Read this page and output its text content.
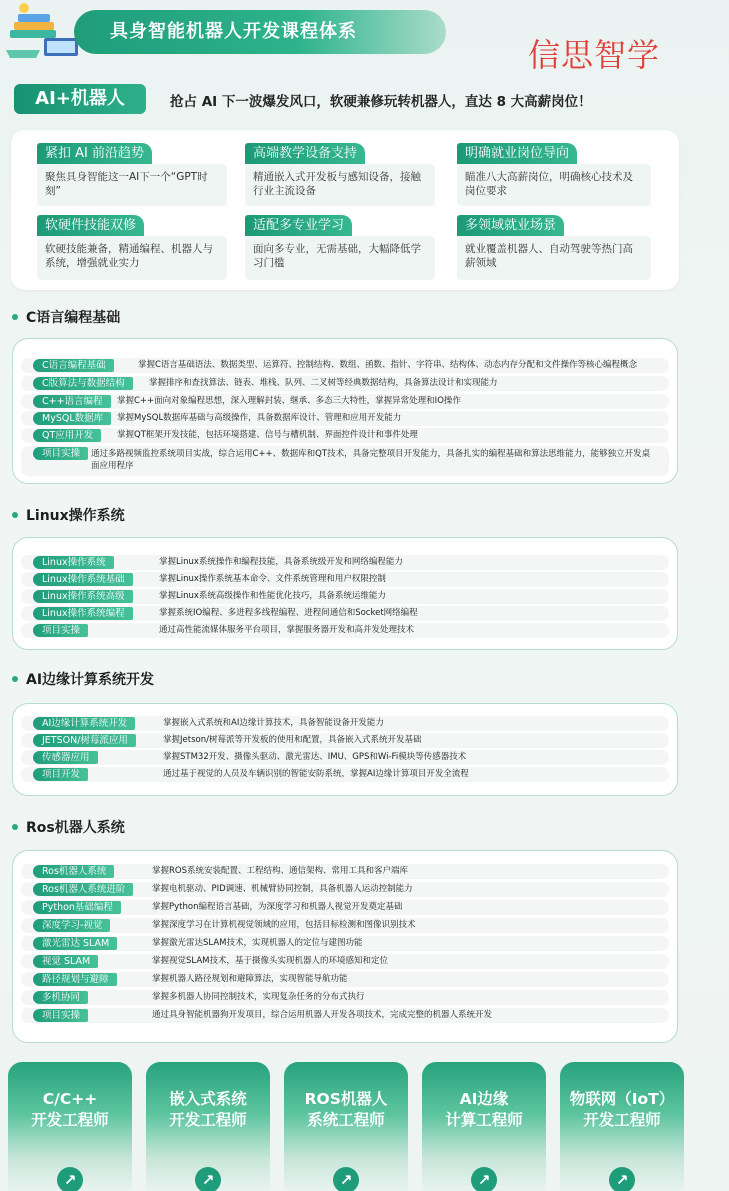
具身智能机器人开发课程体系
信思智学
AI+机器人	抢占 AI 下一波爆发风口，软硬兼修玩转机器人，直达 8 大高薪岗位！
紧扣 AI 前沿趋势
聚焦具身智能这一AI下一个“GPT时刻”
高端教学设备支持
精通嵌入式开发板与感知设备，接触行业主流设备
明确就业岗位导向
瞄准八大高薪岗位，明确核心技术及岗位要求
软硬件技能双修
软硬技能兼备，精通编程、机器人与系统，增强就业实力
适配多专业学习
面向多专业，无需基础，大幅降低学习门槛
多领域就业场景
就业覆盖机器人、自动驾驶等热门高薪领域
C语言编程基础
C语言编程基础	掌握C语言基础语法、数据类型、运算符、控制结构、数组、函数、指针、字符串、结构体、动态内存分配和文件操作等核心编程概念
C版算法与数据结构	掌握排序和查找算法、链表、堆栈、队列、二叉树等经典数据结构，具备算法设计和实现能力
C++语言编程	掌握C++面向对象编程思想，深入理解封装、继承、多态三大特性，掌握异常处理和IO操作
MySQL数据库	掌握MySQL数据库基础与高级操作，具备数据库设计、管理和应用开发能力
QT应用开发	掌握QT框架开发技能，包括环境搭建、信号与槽机制、界面控件设计和事件处理
项目实操	通过多路视频监控系统项目实战，综合运用C++、数据库和QT技术，具备完整项目开发能力，具备扎实的编程基础和算法思维能力，能够独立开发桌面应用程序
Linux操作系统
Linux操作系统	掌握Linux系统操作和编程技能，具备系统级开发和网络编程能力
Linux操作系统基础	掌握Linux操作系统基本命令、文件系统管理和用户权限控制
Linux操作系统高级	掌握Linux系统高级操作和性能优化技巧，具备系统运维能力
Linux操作系统编程	掌握系统IO编程、多进程多线程编程、进程间通信和Socket网络编程
项目实操	通过高性能流媒体服务平台项目，掌握服务器开发和高并发处理技术
AI边缘计算系统开发
AI边缘计算系统开发	掌握嵌入式系统和AI边缘计算技术，具备智能设备开发能力
JETSON/树莓派应用	掌握Jetson/树莓派等开发板的使用和配置，具备嵌入式系统开发基础
传感器应用	掌握STM32开发、摄像头驱动、激光雷达、IMU、GPS和Wi-Fi模块等传感器技术
项目开发	通过基于视觉的人员及车辆识别的智能安防系统，掌握AI边缘计算项目开发全流程
Ros机器人系统
Ros机器人系统	掌握ROS系统安装配置、工程结构、通信架构、常用工具和客户端库
Ros机器人系统进阶	掌握电机驱动、PID调速、机械臂协同控制，具备机器人运动控制能力
Python基础编程	掌握Python编程语言基础，为深度学习和机器人视觉开发奠定基础
深度学习-视觉	掌握深度学习在计算机视觉领域的应用，包括目标检测和图像识别技术
激光雷达 SLAM	掌握激光雷达SLAM技术，实现机器人的定位与建图功能
视觉 SLAM	掌握视觉SLAM技术，基于摄像头实现机器人的环境感知和定位
路径规划与避障	掌握机器人路径规划和避障算法，实现智能导航功能
多机协同	掌握多机器人协同控制技术，实现复杂任务的分布式执行
项目实操	通过具身智能机器狗开发项目，综合运用机器人开发各项技术，完成完整的机器人系统开发
C/C++
开发工程师
↗
嵌入式系统
开发工程师
↗
ROS机器人
系统工程师
↗
AI边缘
计算工程师
↗
物联网（IoT）
开发工程师
↗
